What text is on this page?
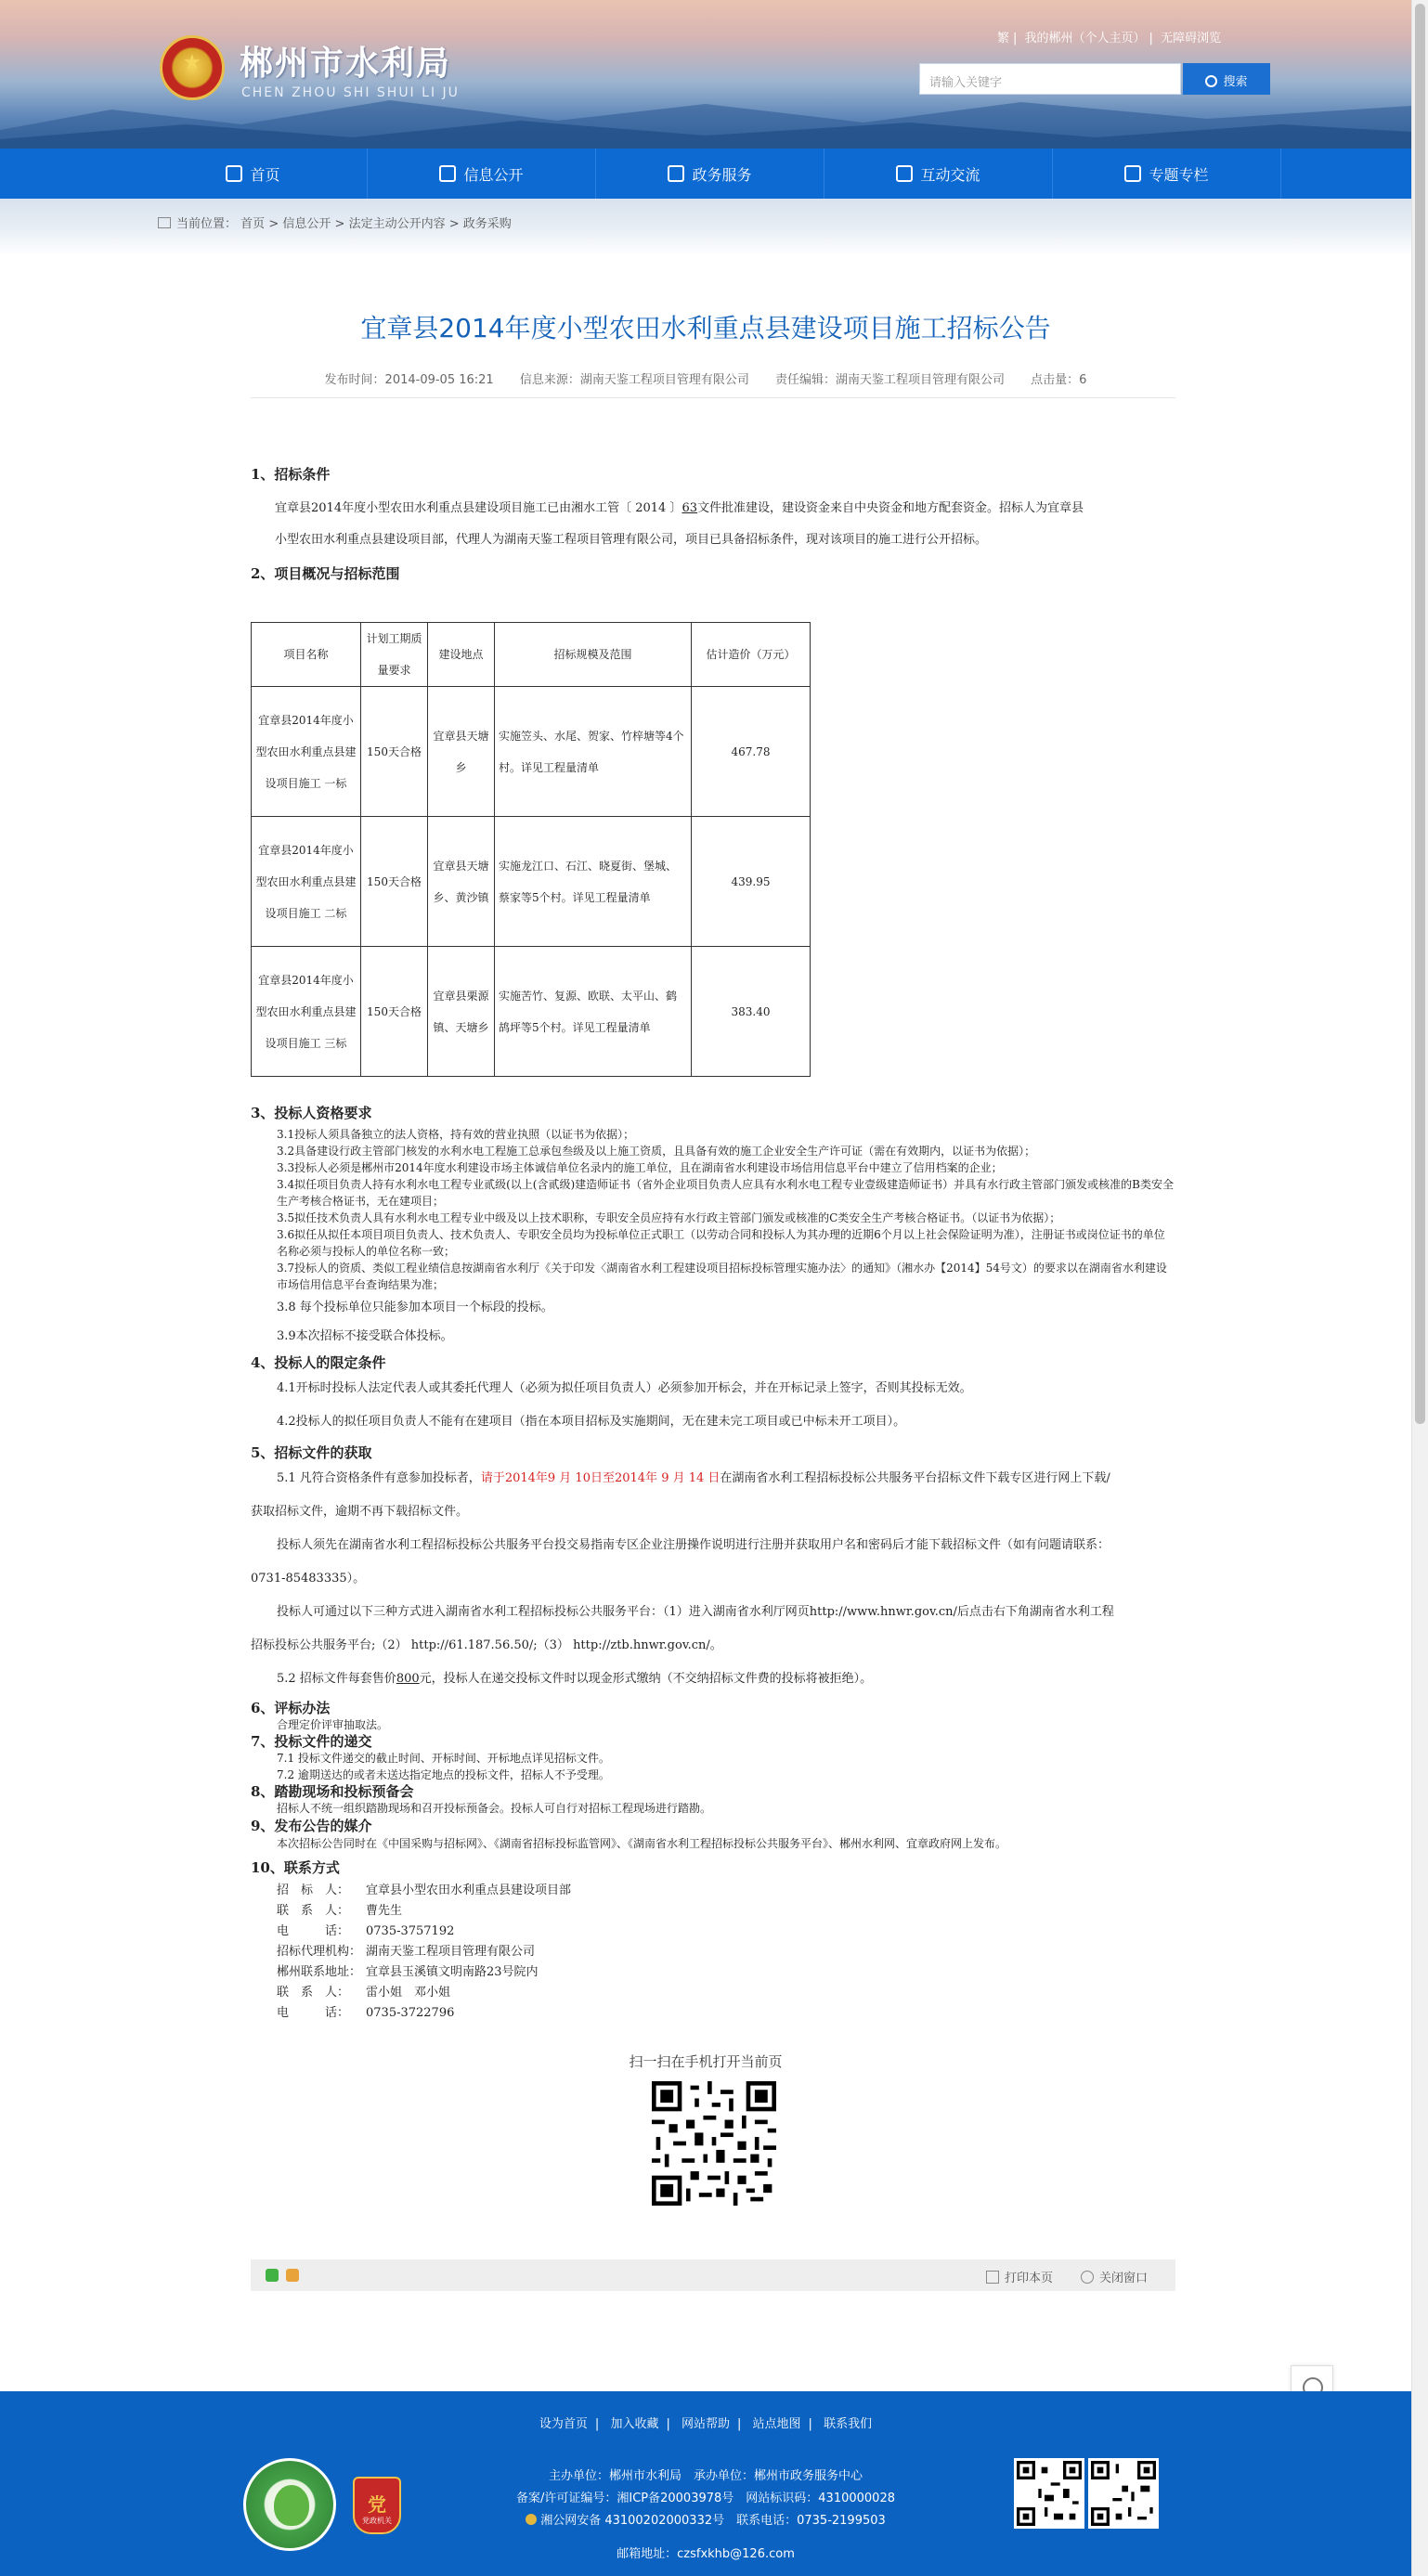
★ 郴州市水利局
CHEN ZHOU SHI SHUI LI JU
繁 | 我的郴州（个人主页） | 无障碍浏览
请输入关键字	搜索
首页	信息公开	政务服务	互动交流	专题专栏
当前位置： 首页 > 信息公开 > 法定主动公开内容 > 政务采购
宜章县2014年度小型农田水利重点县建设项目施工招标公告
发布时间：2014-09-05 16:21 信息来源：湖南天鉴工程项目管理有限公司 责任编辑：湖南天鉴工程项目管理有限公司 点击量：6
1、招标条件
宜章县2014年度小型农田水利重点县建设项目施工已由湘水工管〔 2014 〕63文件批准建设，建设资金来自中央资金和地方配套资金。招标人为宜章县
小型农田水利重点县建设项目部，代理人为湖南天鉴工程项目管理有限公司，项目已具备招标条件，现对该项目的施工进行公开招标。
2、项目概况与招标范围
项目名称	计划工期质量要求	建设地点	招标规模及范围	估计造价（万元）
宜章县2014年度小型农田水利重点县建设项目施工 一标	150天合格	宜章县天塘乡	实施笠头、水尾、贺家、竹梓塘等4个村。详见工程量清单	467.78
宜章县2014年度小型农田水利重点县建设项目施工 二标	150天合格	宜章县天塘乡、黄沙镇	实施龙江口、石江、晓夏街、堡城、蔡家等5个村。详见工程量清单	439.95
宜章县2014年度小型农田水利重点县建设项目施工 三标	150天合格	宜章县栗源镇、天塘乡	实施苦竹、复源、欧联、太平山、鹤鸪坪等5个村。详见工程量清单	383.40
3、投标人资格要求
3.1投标人须具备独立的法人资格，持有效的营业执照（以证书为依据）；
3.2具备建设行政主管部门核发的水利水电工程施工总承包叁级及以上施工资质，且具备有效的施工企业安全生产许可证（需在有效期内，以证书为依据）；
3.3投标人必须是郴州市2014年度水利建设市场主体诚信单位名录内的施工单位，且在湖南省水利建设市场信用信息平台中建立了信用档案的企业；
3.4拟任项目负责人持有水利水电工程专业贰级(以上(含贰级)建造师证书（省外企业项目负责人应具有水利水电工程专业壹级建造师证书）并具有水行政主管部门颁发或核准的B类安全生产考核合格证书，无在建项目；
3.5拟任技术负责人具有水利水电工程专业中级及以上技术职称，专职安全员应持有水行政主管部门颁发或核准的C类安全生产考核合格证书。（以证书为依据）；
3.6拟任从拟任本项目项目负责人、技术负责人、专职安全员均为投标单位正式职工（以劳动合同和投标人为其办理的近期6个月以上社会保险证明为准），注册证书或岗位证书的单位名称必须与投标人的单位名称一致；
3.7投标人的资质、类似工程业绩信息按湖南省水利厅《关于印发〈湖南省水利工程建设项目招标投标管理实施办法〉的通知》（湘水办【2014】54号文）的要求以在湖南省水利建设市场信用信息平台查询结果为准；
3.8 每个投标单位只能参加本项目一个标段的投标。
3.9本次招标不接受联合体投标。
4、投标人的限定条件
4.1开标时投标人法定代表人或其委托代理人（必须为拟任项目负责人）必须参加开标会，并在开标记录上签字，否则其投标无效。
4.2投标人的拟任项目负责人不能有在建项目（指在本项目招标及实施期间，无在建未完工项目或已中标未开工项目）。
5、招标文件的获取
5.1 凡符合资格条件有意参加投标者，请于2014年9 月 10日至2014年 9 月 14 日在湖南省水利工程招标投标公共服务平台招标文件下载专区进行网上下载/
获取招标文件，逾期不再下载招标文件。
投标人须先在湖南省水利工程招标投标公共服务平台投交易指南专区企业注册操作说明进行注册并获取用户名和密码后才能下载招标文件（如有问题请联系：
0731-85483335）。
投标人可通过以下三种方式进入湖南省水利工程招标投标公共服务平台：（1）进入湖南省水利厅网页http://www.hnwr.gov.cn/后点击右下角湖南省水利工程
招标投标公共服务平台;（2） http://61.187.56.50/;（3） http://ztb.hnwr.gov.cn/。
5.2 招标文件每套售价800元，投标人在递交投标文件时以现金形式缴纳（不交纳招标文件费的投标将被拒绝）。
6、评标办法
合理定价评审抽取法。
7、投标文件的递交
7.1 投标文件递交的截止时间、开标时间、开标地点详见招标文件。
7.2 逾期送达的或者未送达指定地点的投标文件，招标人不予受理。
8、踏勘现场和投标预备会
招标人不统一组织踏勘现场和召开投标预备会。投标人可自行对招标工程现场进行踏勘。
9、发布公告的媒介
本次招标公告同时在《中国采购与招标网》、《湖南省招标投标监管网》、《湖南省水利工程招标投标公共服务平台》、郴州水利网、宜章政府网上发布。
10、联系方式
招　标　人：	宜章县小型农田水利重点县建设项目部
联　系　人：	曹先生
电　　　话：	0735-3757192
招标代理机构： 湖南天鉴工程项目管理有限公司
郴州联系地址： 宜章县玉溪镇文明南路23号院内
联　系　人：	雷小姐　邓小姐
电　　　话：	0735-3722796
扫一扫在手机打开当前页

打印本页	关闭窗口
设为首页 | 加入收藏 | 网站帮助 | 站点地图 | 联系我们
党
党政机关
主办单位：郴州市水利局　承办单位：郴州市政务服务中心
备案/许可证编号：湘ICP备20003978号　网站标识码：4310000028
湘公网安备 43100202000332号　联系电话：0735-2199503
邮箱地址：czsfxkhb@126.com
